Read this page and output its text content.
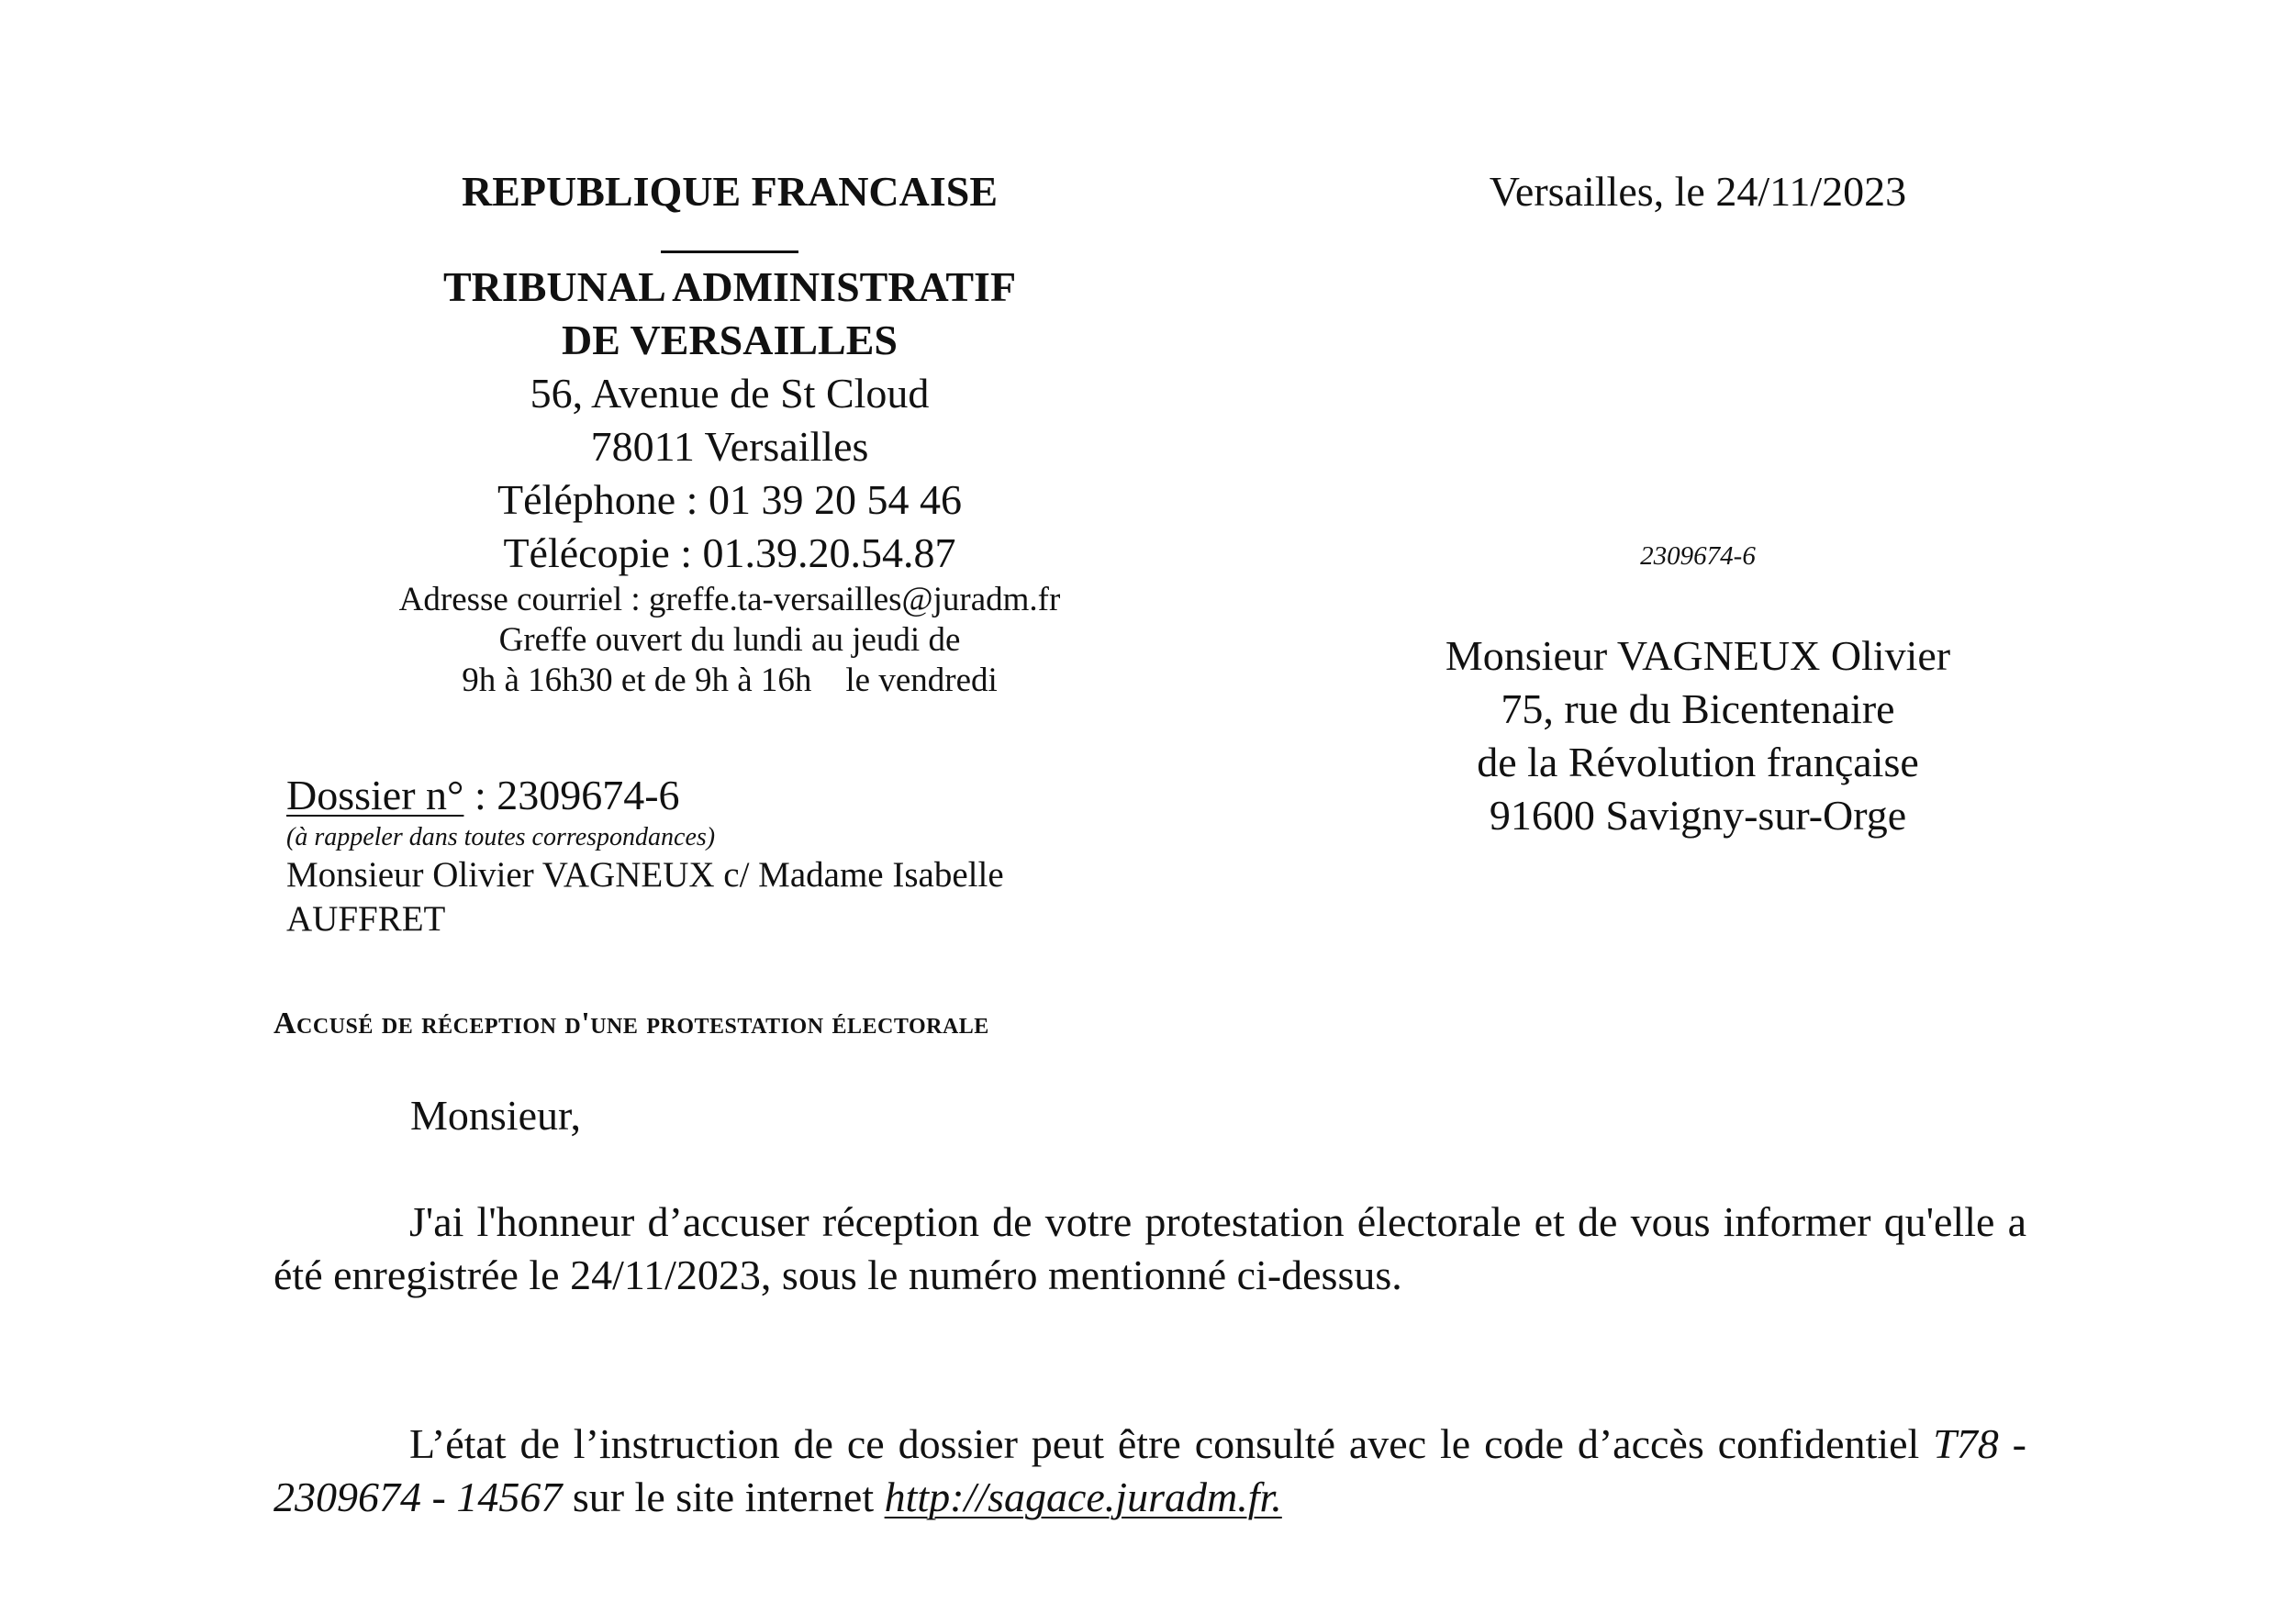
REPUBLIQUE FRANCAISE
TRIBUNAL ADMINISTRATIF
DE VERSAILLES
56, Avenue de St Cloud
78011 Versailles
Téléphone : 01 39 20 54 46
Télécopie : 01.39.20.54.87
Adresse courriel : greffe.ta-versailles@juradm.fr
Greffe ouvert du lundi au jeudi de
9h à 16h30 et de 9h à 16h    le vendredi
Versailles, le 24/11/2023
2309674-6
Monsieur VAGNEUX Olivier
75, rue du Bicentenaire
de la Révolution française
91600 Savigny-sur-Orge
Dossier n° : 2309674-6
(à rappeler dans toutes correspondances)
Monsieur Olivier VAGNEUX c/ Madame Isabelle AUFFRET
Accusé de réception d'une protestation électorale
Monsieur,
J'ai l'honneur d’accuser réception de votre protestation électorale et de vous informer qu'elle a été enregistrée le 24/11/2023, sous le numéro mentionné ci-dessus.
L’état de l’instruction de ce dossier peut être consulté avec le code d’accès confidentiel T78 - 2309674 - 14567 sur le site internet http://sagace.juradm.fr.
